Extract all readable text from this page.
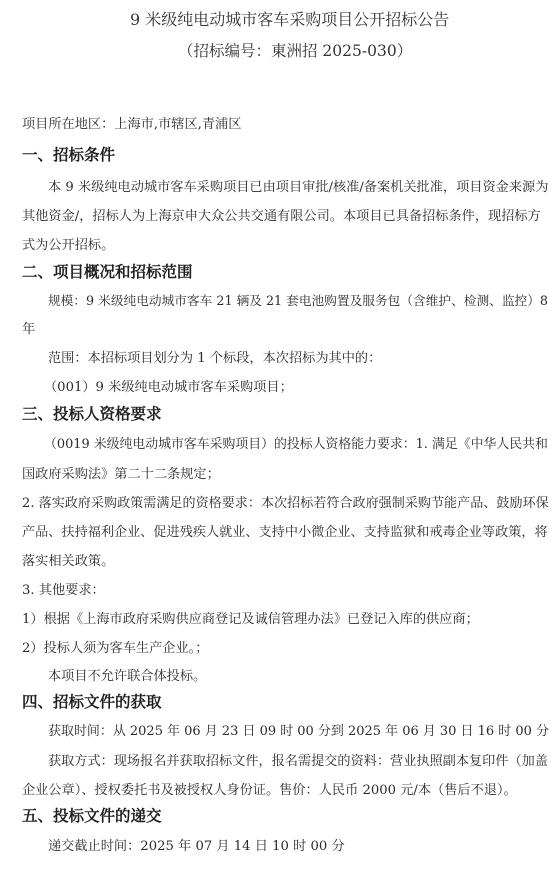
9 米级纯电动城市客车采购项目公开招标公告
（招标编号：東洲招 2025-030）
项目所在地区：上海市,市辖区,青浦区
一、招标条件
本 9 米级纯电动城市客车采购项目已由项目审批/核准/备案机关批准，项目资金来源为
其他资金/，招标人为上海京申大众公共交通有限公司。本项目已具备招标条件，现招标方
式为公开招标。
二、项目概况和招标范围
规模：9 米级纯电动城市客车 21 辆及 21 套电池购置及服务包（含维护、检测、监控）8
年
范围：本招标项目划分为 1 个标段，本次招标为其中的：
（001）9 米级纯电动城市客车采购项目；
三、投标人资格要求
（0019 米级纯电动城市客车采购项目）的投标人资格能力要求：1. 满足《中华人民共和
国政府采购法》第二十二条规定；
2. 落实政府采购政策需满足的资格要求：本次招标若符合政府强制采购节能产品、鼓励环保
产品、扶持福利企业、促进残疾人就业、支持中小微企业、支持监狱和戒毒企业等政策，将
落实相关政策。
3. 其他要求：
1）根据《上海市政府采购供应商登记及诚信管理办法》已登记入库的供应商；
2）投标人须为客车生产企业。；
本项目不允许联合体投标。
四、招标文件的获取
获取时间：从 2025 年 06 月 23 日 09 时 00 分到 2025 年 06 月 30 日 16 时 00 分
获取方式：现场报名并获取招标文件，报名需提交的资料：营业执照副本复印件（加盖
企业公章）、授权委托书及被授权人身份证。售价：人民币 2000 元/本（售后不退）。
五、投标文件的递交
递交截止时间：2025 年 07 月 14 日 10 时 00 分
